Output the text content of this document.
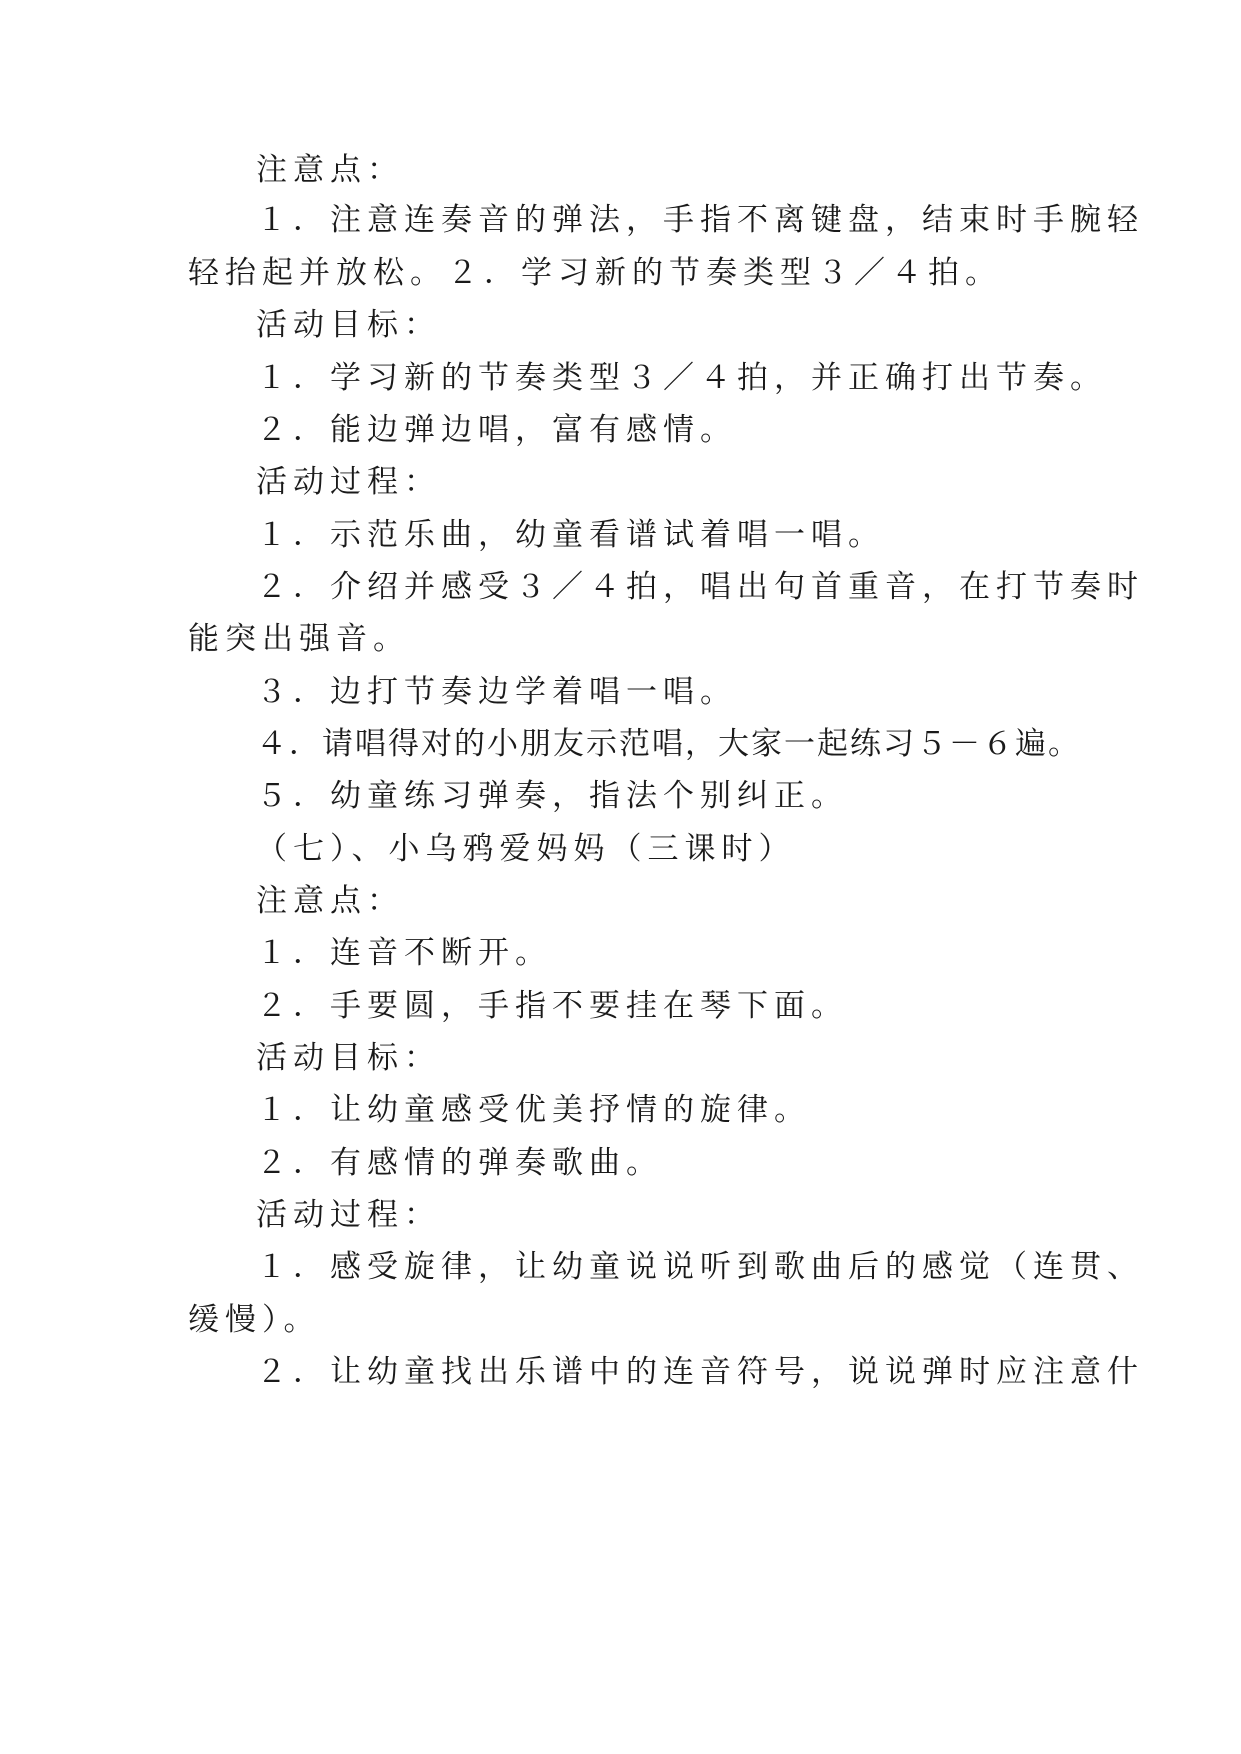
注意点：

１．注意连奏音的弹法，手指不离键盘，结束时手腕轻

轻抬起并放松。２．学习新的节奏类型３／４拍。

活动目标：

１．学习新的节奏类型３／４拍，并正确打出节奏。

２．能边弹边唱，富有感情。

活动过程：

１．示范乐曲，幼童看谱试着唱一唱。

２．介绍并感受３／４拍，唱出句首重音，在打节奏时

能突出强音。

３．边打节奏边学着唱一唱。

４．请唱得对的小朋友示范唱，大家一起练习５－６遍。

５．幼童练习弹奏，指法个别纠正。

（七）、小乌鸦爱妈妈（三课时）

注意点：

１．连音不断开。

２．手要圆，手指不要挂在琴下面。

活动目标：

１．让幼童感受优美抒情的旋律。

２．有感情的弹奏歌曲。

活动过程：

１．感受旋律，让幼童说说听到歌曲后的感觉（连贯、

缓慢）。

２．让幼童找出乐谱中的连音符号，说说弹时应注意什
